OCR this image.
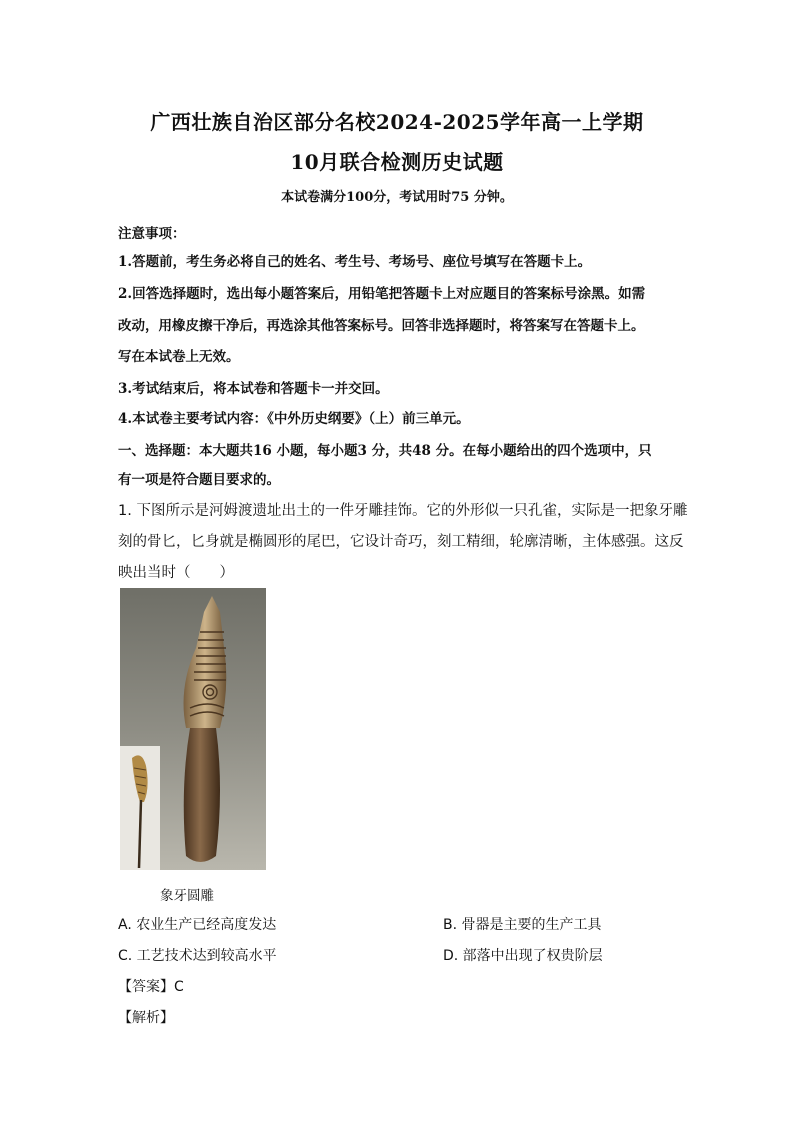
广西壮族自治区部分名校2024-2025学年高一上学期
10月联合检测历史试题
本试卷满分100分，考试用时75 分钟。
注意事项：
1.答题前，考生务必将自己的姓名、考生号、考场号、座位号填写在答题卡上。
2.回答选择题时，选出每小题答案后，用铅笔把答题卡上对应题目的答案标号涂黑。如需
改动，用橡皮擦干净后，再选涂其他答案标号。回答非选择题时，将答案写在答题卡上。
写在本试卷上无效。
3.考试结束后，将本试卷和答题卡一并交回。
4.本试卷主要考试内容：《中外历史纲要》（上）前三单元。
一、选择题：本大题共16 小题，每小题3 分，共48 分。在每小题给出的四个选项中，只
有一项是符合题目要求的。
1. 下图所示是河姆渡遗址出土的一件牙雕挂饰。它的外形似一只孔雀，实际是一把象牙雕
刻的骨匕，匕身就是椭圆形的尾巴，它设计奇巧，刻工精细，轮廓清晰，主体感强。这反
映出当时（　　）
象牙圆雕
A. 农业生产已经高度发达	B. 骨器是主要的生产工具
C. 工艺技术达到较高水平	D. 部落中出现了权贵阶层
【答案】C
【解析】
